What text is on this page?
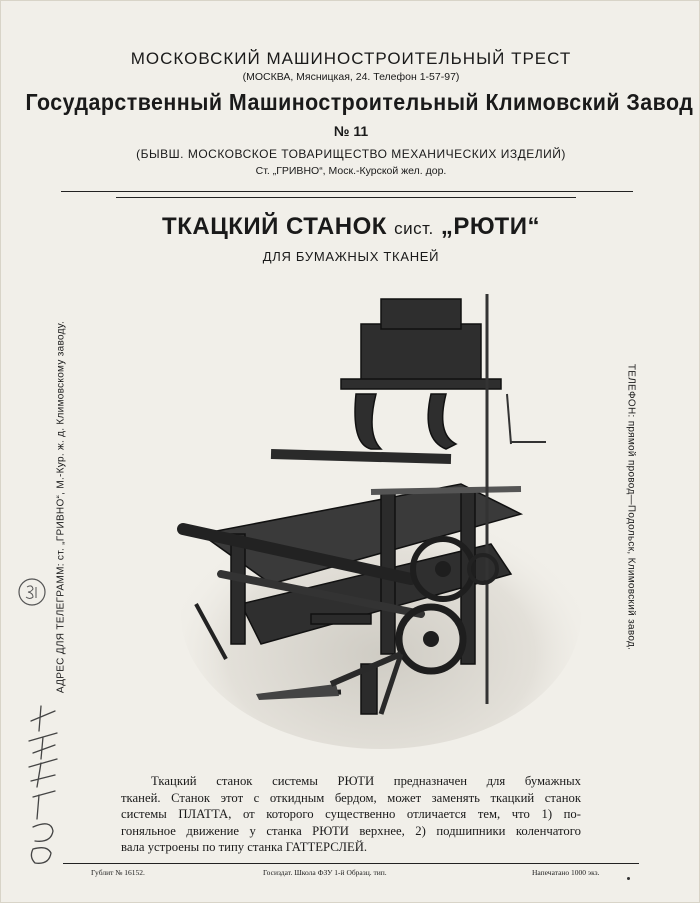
МОСКОВСКИЙ МАШИНОСТРОИТЕЛЬНЫЙ ТРЕСТ
(МОСКВА, Мясницкая, 24. Телефон 1-57-97)
Государственный Машиностроительный Климовский Завод
№ 11
(БЫВШ. МОСКОВСКОЕ ТОВАРИЩЕСТВО МЕХАНИЧЕСКИХ ИЗДЕЛИЙ)
Ст. „ГРИВНО“, Моск.-Курской жел. дор.
ТКАЦКИЙ СТАНОК сист. „РЮТИ“
ДЛЯ БУМАЖНЫХ ТКАНЕЙ
АДРЕС ДЛЯ ТЕЛЕГРАММ: ст. „ГРИВНО“, М.-Кур. ж. д. Климовскому заводу.	ТЕЛЕФОН: прямой провод—Подольск, Климовский завод.
Ткацкий станок системы РЮТИ предназначен для бумажных
тканей. Станок этот с откидным бердом, может заменять ткацкий станок
системы ПЛАТТА, от которого существенно отличается тем, что 1) по-
гоняльное движение у станка РЮТИ верхнее, 2) подшипники коленчатого
вала устроены по типу станка ГАТТЕРСЛЕЙ.
Гублит № 16152.	Госиздат. Школа ФЗУ 1-й Образц. тип.	Напечатано 1000 экз.
